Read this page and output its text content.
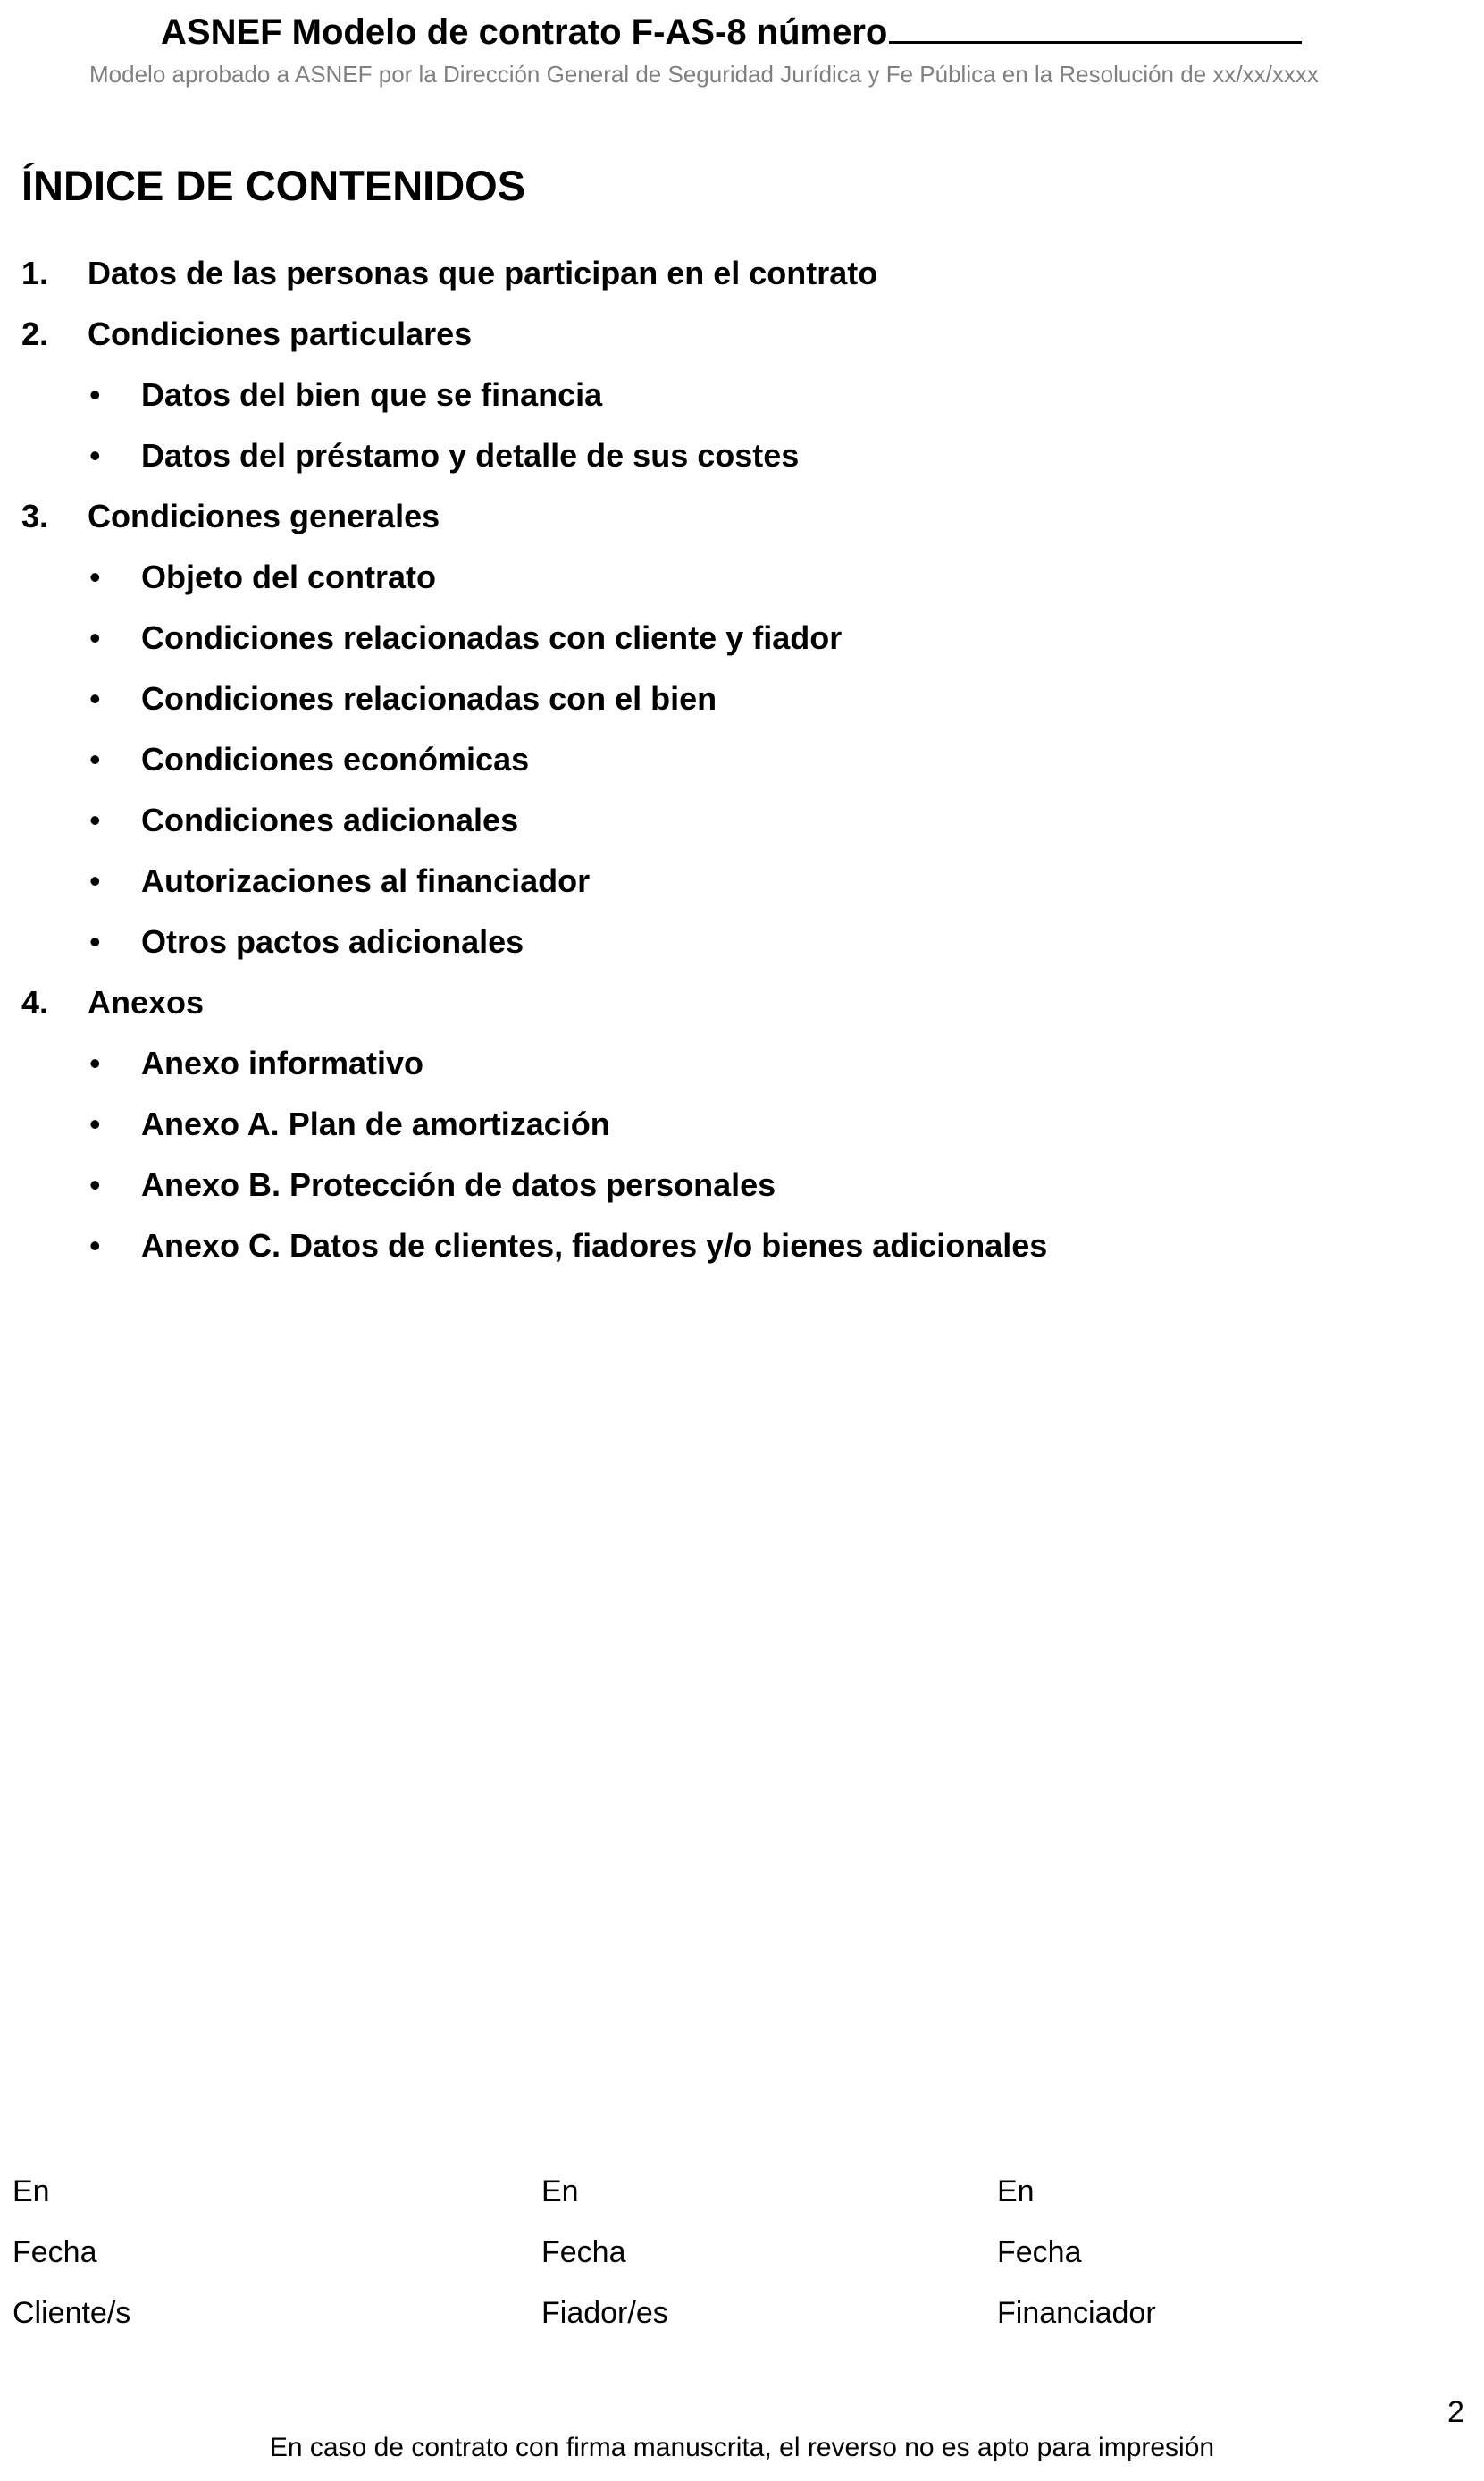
ASNEF Modelo de contrato F-AS-8 número
Modelo aprobado a ASNEF por la Dirección General de Seguridad Jurídica y Fe Pública en la Resolución de xx/xx/xxxx
ÍNDICE DE CONTENIDOS
1. Datos de las personas que participan en el contrato
2. Condiciones particulares
• Datos del bien que se financia
• Datos del préstamo y detalle de sus costes
3. Condiciones generales
• Objeto del contrato
• Condiciones relacionadas con cliente y fiador
• Condiciones relacionadas con el bien
• Condiciones económicas
• Condiciones adicionales
• Autorizaciones al financiador
• Otros pactos adicionales
4. Anexos
• Anexo informativo
• Anexo A. Plan de amortización
• Anexo B. Protección de datos personales
• Anexo C. Datos de clientes, fiadores y/o bienes adicionales
En
Fecha
Cliente/s
En
Fecha
Fiador/es
En
Fecha
Financiador
2
En caso de contrato con firma manuscrita, el reverso no es apto para impresión
